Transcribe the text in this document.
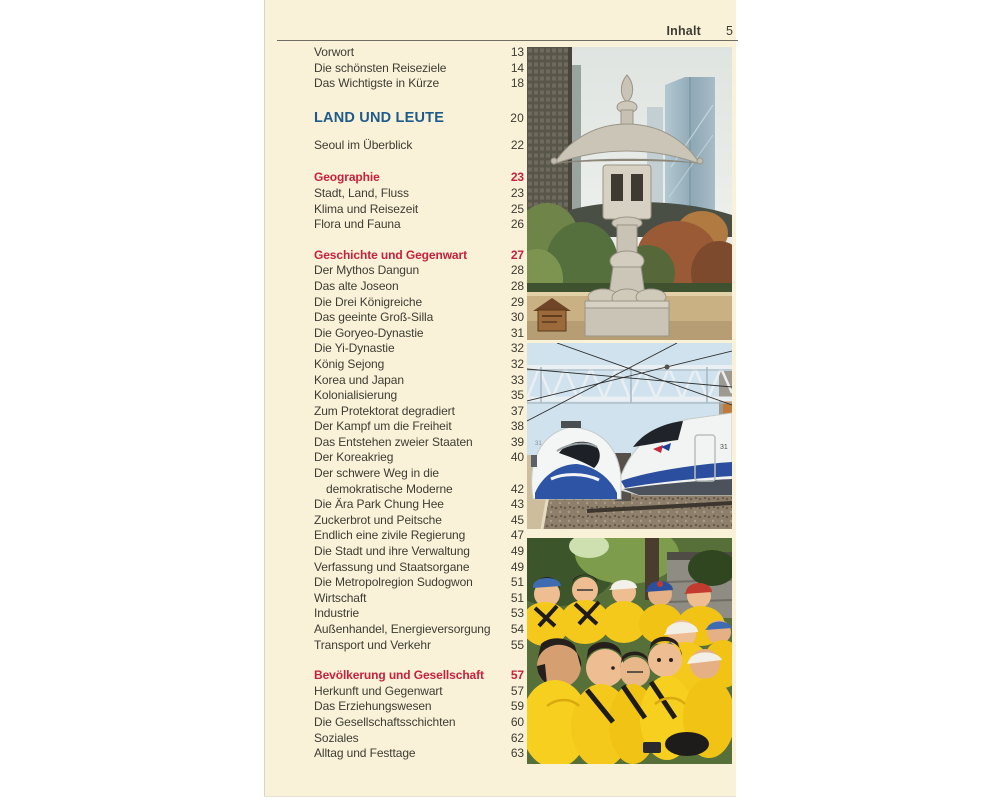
Inhalt 5
Vorwort	13
Die schönsten Reiseziele	14
Das Wichtigste in Kürze	18
LAND UND LEUTE	20
Seoul im Überblick	22
Geographie	23
Stadt, Land, Fluss	23
Klima und Reisezeit	25
Flora und Fauna	26
Geschichte und Gegenwart	27
Der Mythos Dangun	28
Das alte Joseon	28
Die Drei Königreiche	29
Das geeinte Groß-Silla	30
Die Goryeo-Dynastie	31
Die Yi-Dynastie	32
König Sejong	32
Korea und Japan	33
Kolonialisierung	35
Zum Protektorat degradiert	37
Der Kampf um die Freiheit	38
Das Entstehen zweier Staaten	39
Der Koreakrieg	40
Der schwere Weg in die
demokratische Moderne	42
Die Ära Park Chung Hee	43
Zuckerbrot und Peitsche	45
Endlich eine zivile Regierung	47
Die Stadt und ihre Verwaltung	49
Verfassung und Staatsorgane	49
Die Metropolregion Sudogwon	51
Wirtschaft	51
Industrie	53
Außenhandel, Energieversorgung	54
Transport und Verkehr	55
Bevölkerung und Gesellschaft	57
Herkunft und Gegenwart	57
Das Erziehungswesen	59
Die Gesellschaftsschichten	60
Soziales	62
Alltag und Festtage	63
31
31
